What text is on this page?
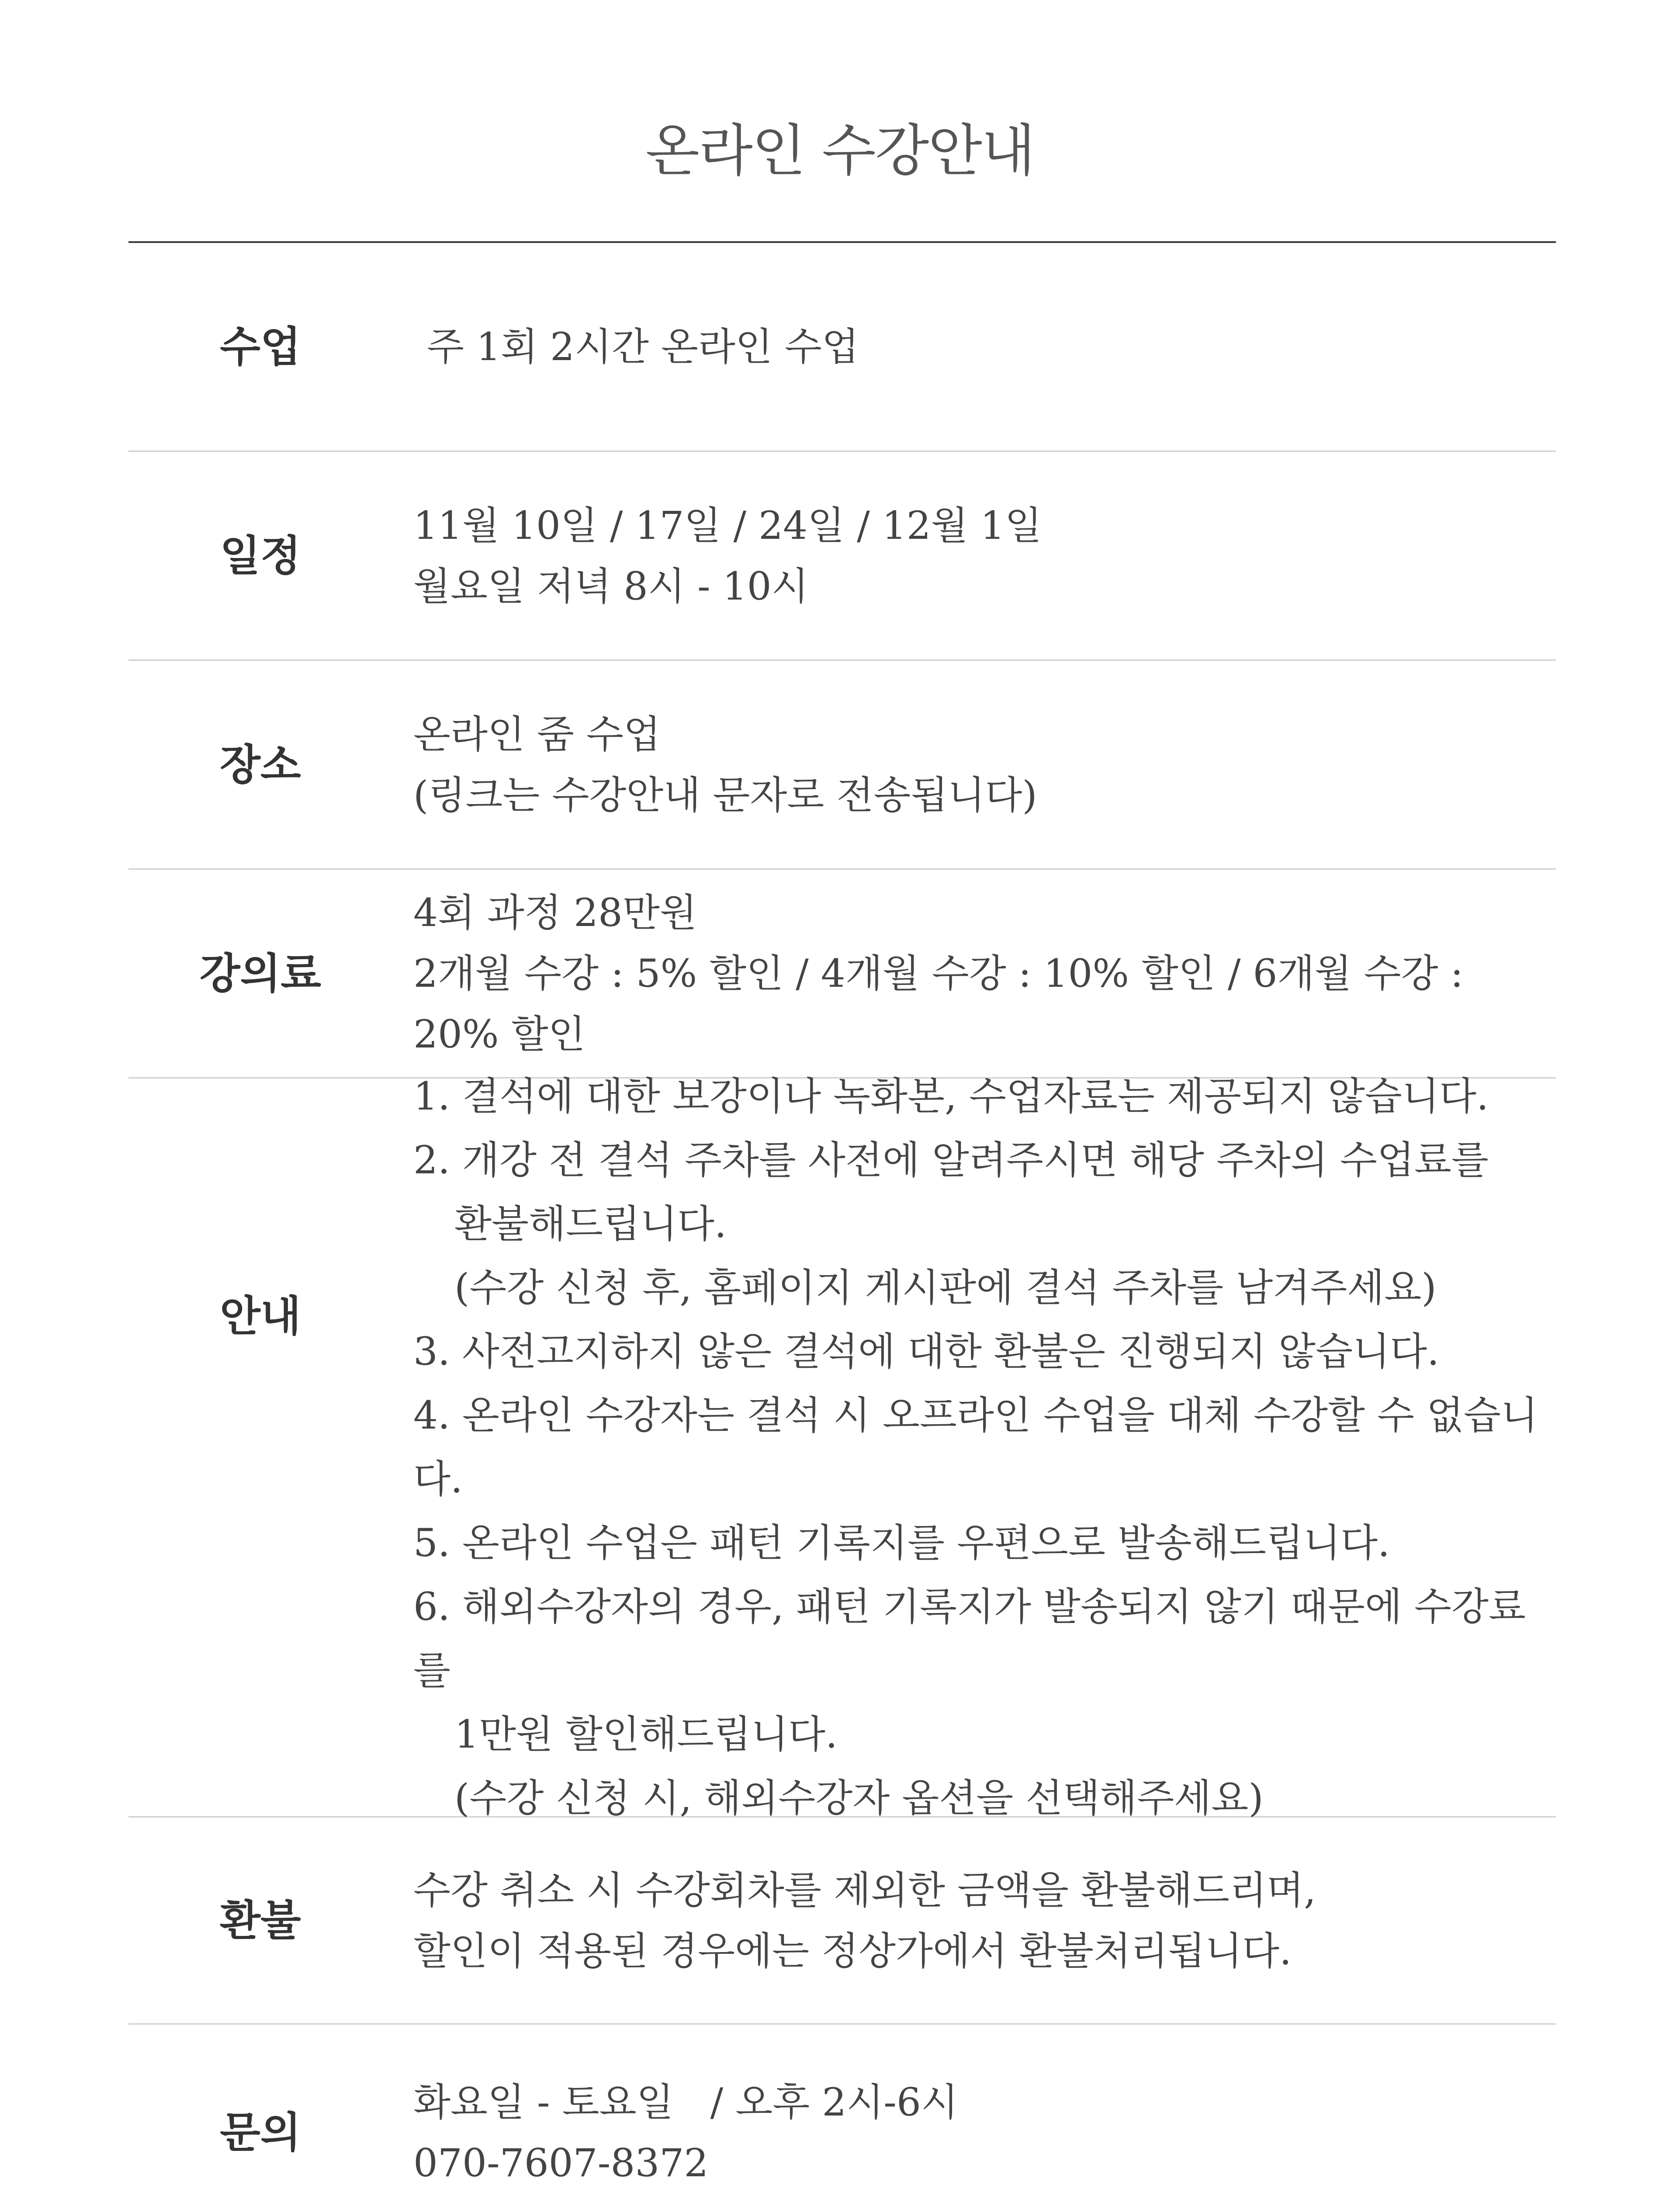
온라인 수강안내
수업	주 1회 2시간 온라인 수업
일정
11월 10일 / 17일 / 24일 / 12월 1일
월요일 저녁 8시 - 10시
장소
온라인 줌 수업
(링크는 수강안내 문자로 전송됩니다)
강의료
4회 과정 28만원
2개월 수강 : 5% 할인 / 4개월 수강 : 10% 할인 / 6개월 수강 : 20% 할인
안내
1. 결석에 대한 보강이나 녹화본, 수업자료는 제공되지 않습니다.
2. 개강 전 결석 주차를 사전에 알려주시면 해당 주차의 수업료를
환불해드립니다.
(수강 신청 후, 홈페이지 게시판에 결석 주차를 남겨주세요)
3. 사전고지하지 않은 결석에 대한 환불은 진행되지 않습니다.
4. 온라인 수강자는 결석 시 오프라인 수업을 대체 수강할 수 없습니다.
5. 온라인 수업은 패턴 기록지를 우편으로 발송해드립니다.
6. 해외수강자의 경우, 패턴 기록지가 발송되지 않기 때문에 수강료를
1만원 할인해드립니다.
(수강 신청 시, 해외수강자 옵션을 선택해주세요)
환불
수강 취소 시 수강회차를 제외한 금액을 환불해드리며,
할인이 적용된 경우에는 정상가에서 환불처리됩니다.
문의
화요일 - 토요일   / 오후 2시-6시
070-7607-8372
